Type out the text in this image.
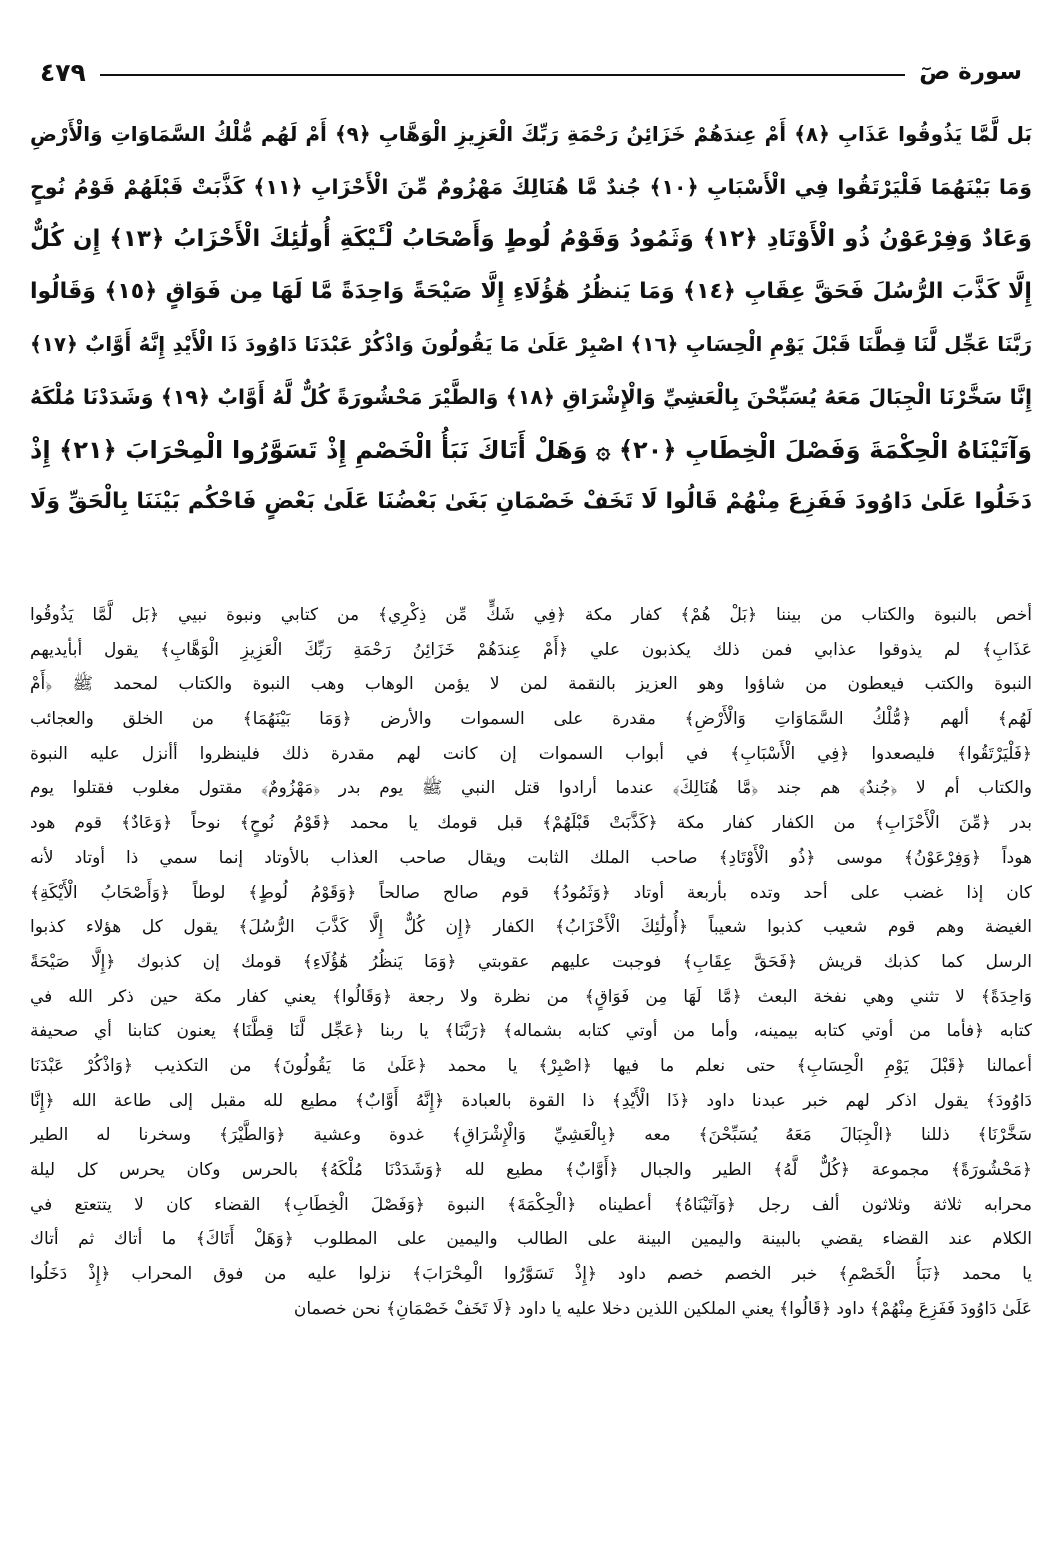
سورة صٓ
٤٧٩
بَل لَّمَّا يَذُوقُوا عَذَابِ ﴿٨﴾ أَمْ عِندَهُمْ خَزَائِنُ رَحْمَةِ رَبِّكَ الْعَزِيزِ الْوَهَّابِ ﴿٩﴾ أَمْ لَهُم مُّلْكُ السَّمَاوَاتِ وَالْأَرْضِ
وَمَا بَيْنَهُمَا فَلْيَرْتَقُوا فِي الْأَسْبَابِ ﴿١٠﴾ جُندٌ مَّا هُنَالِكَ مَهْزُومٌ مِّنَ الْأَحْزَابِ ﴿١١﴾ كَذَّبَتْ قَبْلَهُمْ قَوْمُ نُوحٍ
وَعَادٌ وَفِرْعَوْنُ ذُو الْأَوْتَادِ ﴿١٢﴾ وَثَمُودُ وَقَوْمُ لُوطٍ وَأَصْحَابُ لْـَٔيْكَةِ أُولَٰئِكَ الْأَحْزَابُ ﴿١٣﴾ إِن كُلٌّ
إِلَّا كَذَّبَ الرُّسُلَ فَحَقَّ عِقَابِ ﴿١٤﴾ وَمَا يَنظُرُ هَٰؤُلَاءِ إِلَّا صَيْحَةً وَاحِدَةً مَّا لَهَا مِن فَوَاقٍ ﴿١٥﴾ وَقَالُوا
رَبَّنَا عَجِّل لَّنَا قِطَّنَا قَبْلَ يَوْمِ الْحِسَابِ ﴿١٦﴾ اصْبِرْ عَلَىٰ مَا يَقُولُونَ وَاذْكُرْ عَبْدَنَا دَاوُودَ ذَا الْأَيْدِ إِنَّهُ أَوَّابٌ ﴿١٧﴾
إِنَّا سَخَّرْنَا الْجِبَالَ مَعَهُ يُسَبِّحْنَ بِالْعَشِيِّ وَالْإِشْرَاقِ ﴿١٨﴾ وَالطَّيْرَ مَحْشُورَةً كُلٌّ لَّهُ أَوَّابٌ ﴿١٩﴾ وَشَدَدْنَا مُلْكَهُ
وَآتَيْنَاهُ الْحِكْمَةَ وَفَصْلَ الْخِطَابِ ﴿٢٠﴾ ۞ وَهَلْ أَتَاكَ نَبَأُ الْخَصْمِ إِذْ تَسَوَّرُوا الْمِحْرَابَ ﴿٢١﴾ إِذْ
دَخَلُوا عَلَىٰ دَاوُودَ فَفَزِعَ مِنْهُمْ قَالُوا لَا تَخَفْ خَصْمَانِ بَغَىٰ بَعْضُنَا عَلَىٰ بَعْضٍ فَاحْكُم بَيْنَنَا بِالْحَقِّ وَلَا
أخص بالنبوة والكتاب من بيننا ﴿بَلْ هُمْ﴾ كفار مكة ﴿فِي شَكٍّ مِّن ذِكْرِي﴾ من كتابي ونبوة نبيي ﴿بَل لَّمَّا يَذُوقُوا
عَذَابِ﴾ لم يذوقوا عذابي فمن ذلك يكذبون علي ﴿أَمْ عِندَهُمْ خَزَائِنُ رَحْمَةِ رَبِّكَ الْعَزِيزِ الْوَهَّابِ﴾ يقول أبأيديهم
النبوة والكتب فيعطون من شاؤوا وهو العزيز بالنقمة لمن لا يؤمن الوهاب وهب النبوة والكتاب لمحمد ﷺ ﴿أَمْ
لَهُم﴾ ألهم ﴿مُّلْكُ السَّمَاوَاتِ وَالْأَرْضِ﴾ مقدرة على السموات والأرض ﴿وَمَا بَيْنَهُمَا﴾ من الخلق والعجائب
﴿فَلْيَرْتَقُوا﴾ فليصعدوا ﴿فِي الْأَسْبَابِ﴾ في أبواب السموات إن كانت لهم مقدرة ذلك فلينظروا أأنزل عليه النبوة
والكتاب أم لا ﴿جُندٌ﴾ هم جند ﴿مَّا هُنَالِكَ﴾ عندما أرادوا قتل النبي ﷺ يوم بدر ﴿مَهْزُومٌ﴾ مقتول مغلوب فقتلوا يوم
بدر ﴿مِّنَ الْأَحْزَابِ﴾ من الكفار كفار مكة ﴿كَذَّبَتْ قَبْلَهُمْ﴾ قبل قومك يا محمد ﴿قَوْمُ نُوحٍ﴾ نوحاً ﴿وَعَادٌ﴾ قوم هود
هوداً ﴿وَفِرْعَوْنُ﴾ موسى ﴿ذُو الْأَوْتَادِ﴾ صاحب الملك الثابت ويقال صاحب العذاب بالأوتاد إنما سمي ذا أوتاد لأنه
كان إذا غضب على أحد وتده بأربعة أوتاد ﴿وَثَمُودُ﴾ قوم صالح صالحاً ﴿وَقَوْمُ لُوطٍ﴾ لوطاً ﴿وَأَصْحَابُ الْأَيْكَةِ﴾
الغيضة وهم قوم شعيب كذبوا شعيباً ﴿أُولَٰئِكَ الْأَحْزَابُ﴾ الكفار ﴿إِن كُلٌّ إِلَّا كَذَّبَ الرُّسُلَ﴾ يقول كل هؤلاء كذبوا
الرسل كما كذبك قريش ﴿فَحَقَّ عِقَابِ﴾ فوجبت عليهم عقوبتي ﴿وَمَا يَنظُرُ هَٰؤُلَاءِ﴾ قومك إن كذبوك ﴿إِلَّا صَيْحَةً
وَاحِدَةً﴾ لا تثني وهي نفخة البعث ﴿مَّا لَهَا مِن فَوَاقٍ﴾ من نظرة ولا رجعة ﴿وَقَالُوا﴾ يعني كفار مكة حين ذكر الله في
كتابه ﴿فأما من أوتي كتابه بيمينه، وأما من أوتي كتابه بشماله﴾ ﴿رَبَّنَا﴾ يا ربنا ﴿عَجِّل لَّنَا قِطَّنَا﴾ يعنون كتابنا أي صحيفة
أعمالنا ﴿قَبْلَ يَوْمِ الْحِسَابِ﴾ حتى نعلم ما فيها ﴿اصْبِرْ﴾ يا محمد ﴿عَلَىٰ مَا يَقُولُونَ﴾ من التكذيب ﴿وَاذْكُرْ عَبْدَنَا
دَاوُودَ﴾ يقول اذكر لهم خبر عبدنا داود ﴿ذَا الْأَيْدِ﴾ ذا القوة بالعبادة ﴿إِنَّهُ أَوَّابٌ﴾ مطيع لله مقبل إلى طاعة الله ﴿إِنَّا
سَخَّرْنَا﴾ ذللنا ﴿الْجِبَالَ مَعَهُ يُسَبِّحْنَ﴾ معه ﴿بِالْعَشِيِّ وَالْإِشْرَاقِ﴾ غدوة وعشية ﴿وَالطَّيْرَ﴾ وسخرنا له الطير
﴿مَحْشُورَةً﴾ مجموعة ﴿كُلٌّ لَّهُ﴾ الطير والجبال ﴿أَوَّابٌ﴾ مطيع لله ﴿وَشَدَدْنَا مُلْكَهُ﴾ بالحرس وكان يحرس كل ليلة
محرابه ثلاثة وثلاثون ألف رجل ﴿وَآتَيْنَاهُ﴾ أعطيناه ﴿الْحِكْمَةَ﴾ النبوة ﴿وَفَصْلَ الْخِطَابِ﴾ القضاء كان لا يتتعتع في
الكلام عند القضاء يقضي بالبينة واليمين البينة على الطالب واليمين على المطلوب ﴿وَهَلْ أَتَاكَ﴾ ما أتاك ثم أتاك
يا محمد ﴿نَبَأُ الْخَصْمِ﴾ خبر الخصم خصم داود ﴿إِذْ تَسَوَّرُوا الْمِحْرَابَ﴾ نزلوا عليه من فوق المحراب ﴿إِذْ دَخَلُوا
عَلَىٰ دَاوُودَ فَفَزِعَ مِنْهُمْ﴾ داود ﴿قَالُوا﴾ يعني الملكين اللذين دخلا عليه يا داود ﴿لَا تَخَفْ خَصْمَانِ﴾ نحن خصمان
